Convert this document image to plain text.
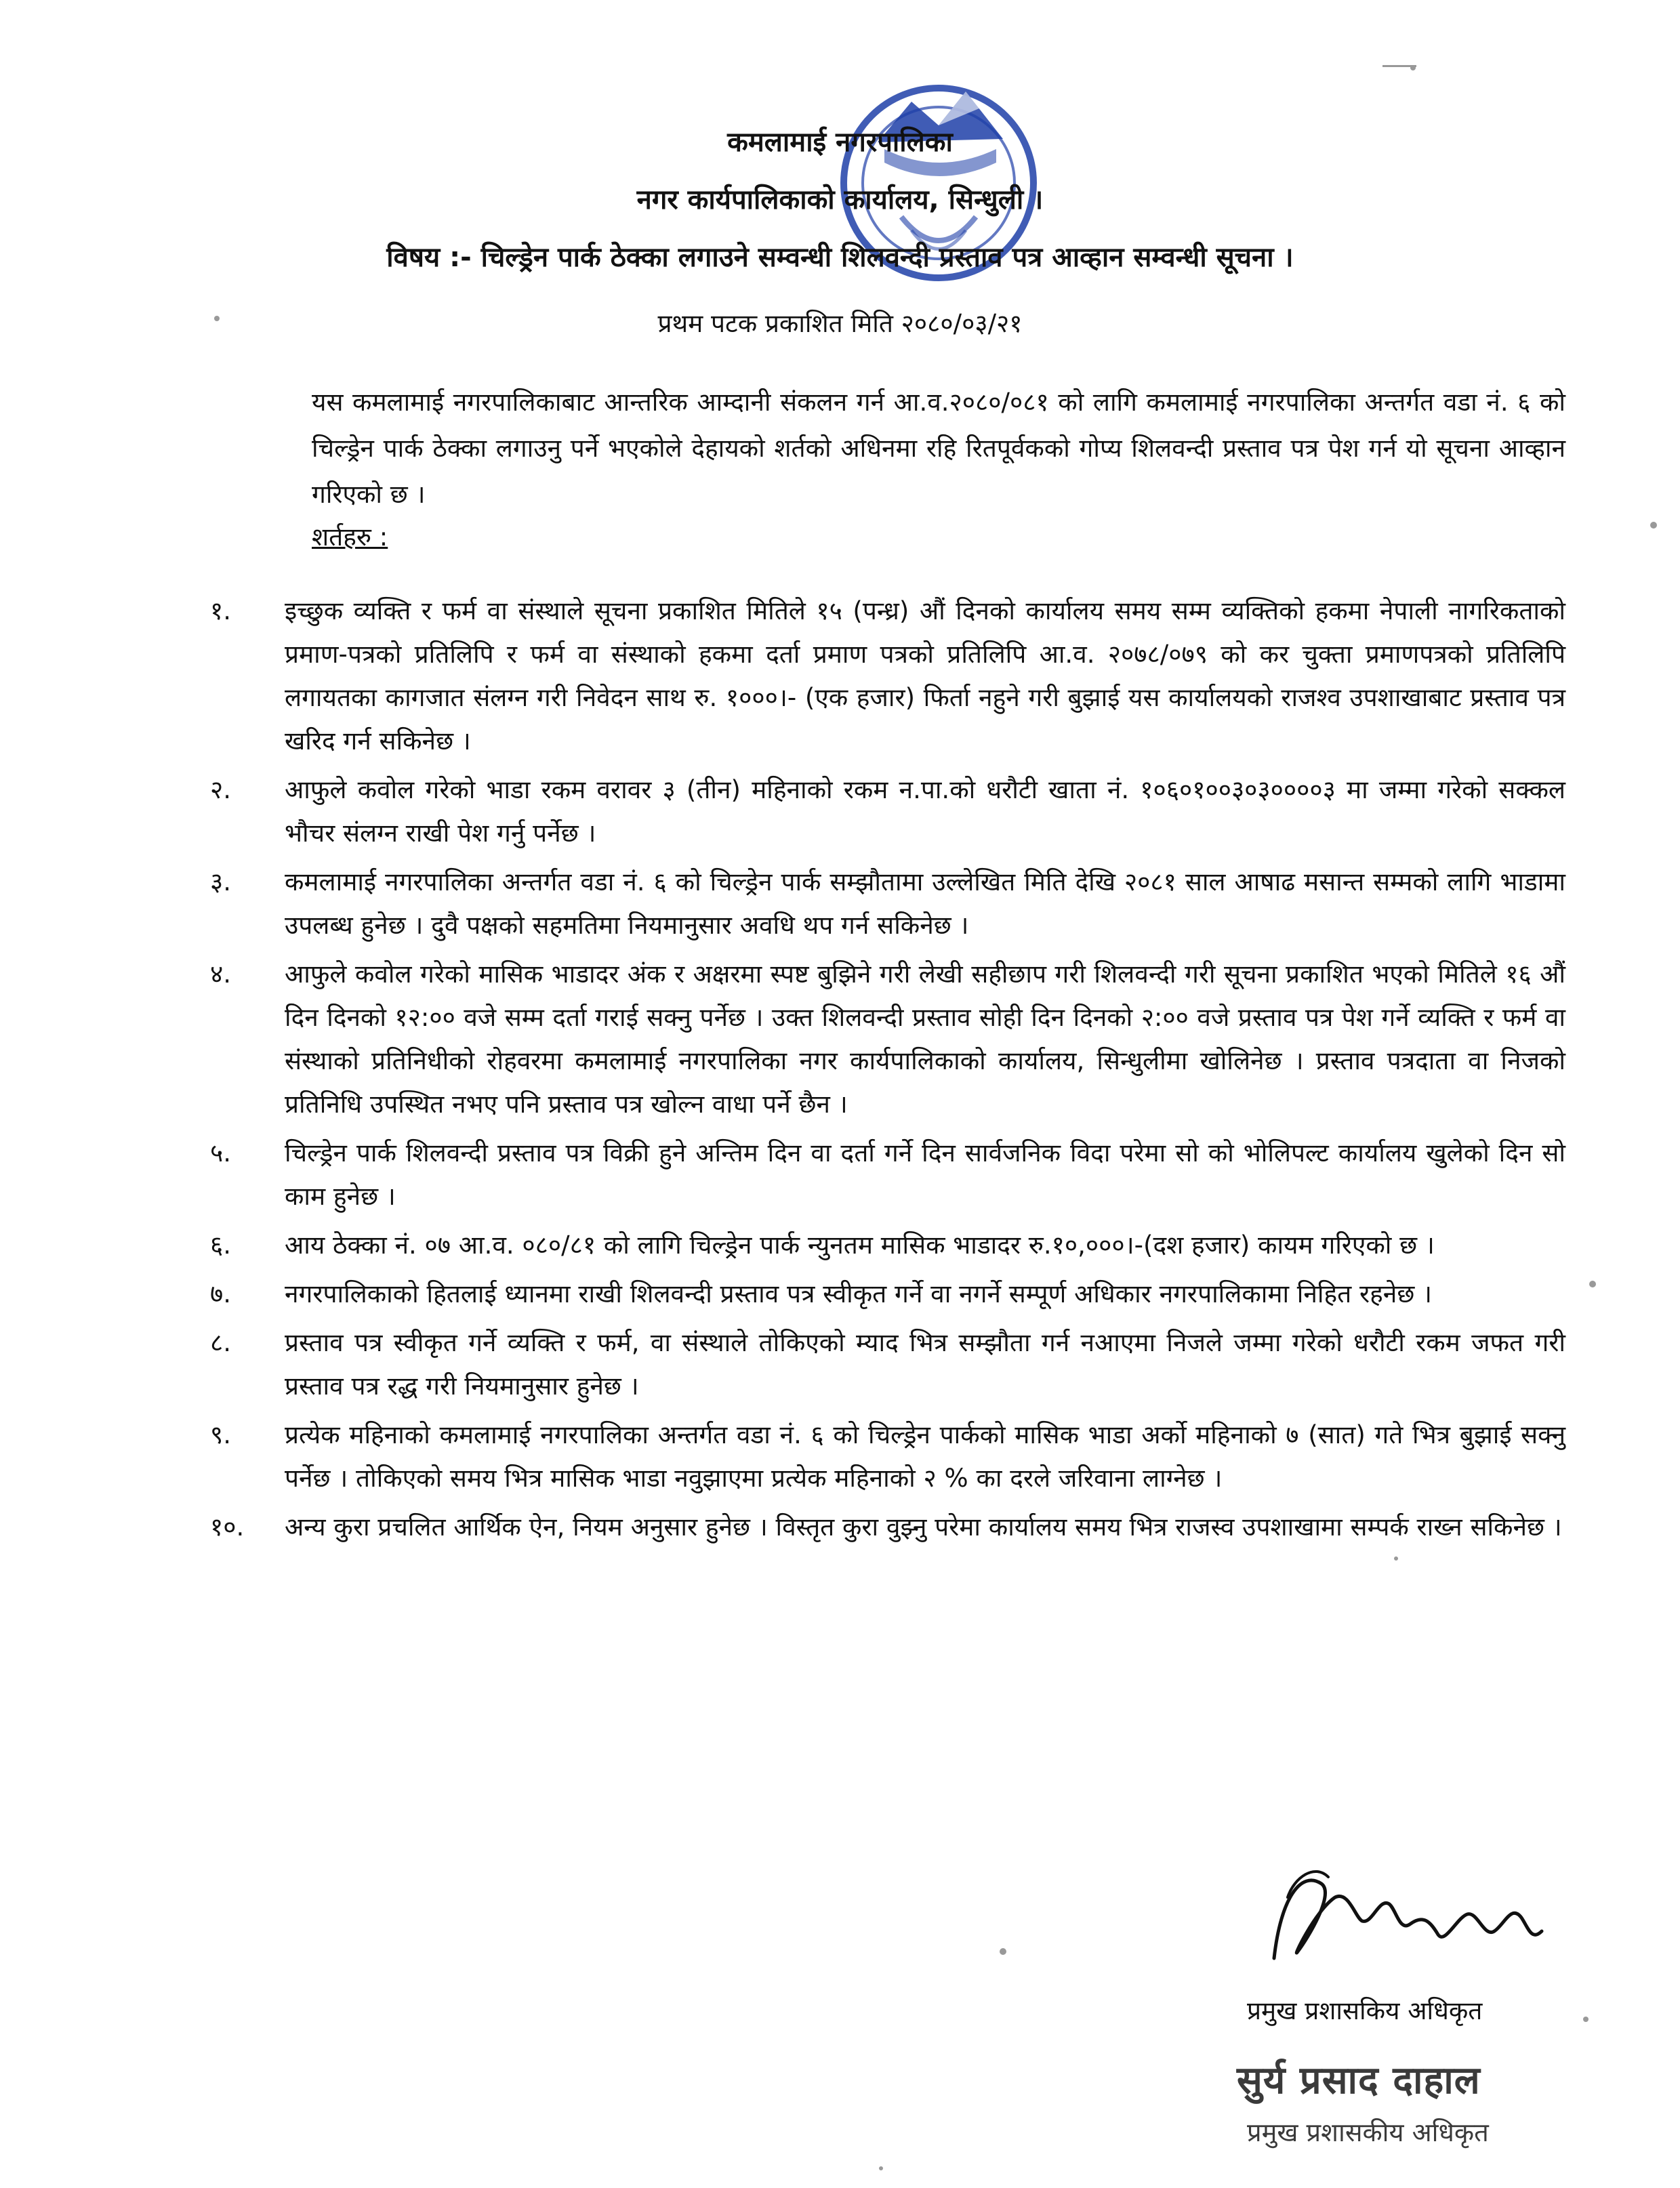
कमलामाई नगरपालिका
नगर कार्यपालिकाको कार्यालय, सिन्धुली ।
विषय :- चिल्ड्रेन पार्क ठेक्का लगाउने सम्वन्धी शिलवन्दी प्रस्ताव पत्र आव्हान सम्वन्धी सूचना ।
प्रथम पटक प्रकाशित मिति २०८०/०३/२१

यस कमलामाई नगरपालिकाबाट आन्तरिक आम्दानी संकलन गर्न आ.व.२०८०/०८१ को लागि कमलामाई नगरपालिका अन्तर्गत वडा नं. ६ को चिल्ड्रेन पार्क ठेक्का लगाउनु पर्ने भएकोले देहायको शर्तको अधिनमा रहि रितपूर्वकको गोप्य शिलवन्दी प्रस्ताव पत्र पेश गर्न यो सूचना आव्हान गरिएको छ ।

शर्तहरु :

१.	इच्छुक व्यक्ति र फर्म वा संस्थाले सूचना प्रकाशित मितिले १५ (पन्ध्र) औं दिनको कार्यालय समय सम्म व्यक्तिको हकमा नेपाली नागरिकताको प्रमाण-पत्रको प्रतिलिपि र फर्म वा संस्थाको हकमा दर्ता प्रमाण पत्रको प्रतिलिपि आ.व. २०७८/०७९ को कर चुक्ता प्रमाणपत्रको प्रतिलिपि लगायतका कागजात संलग्न गरी निवेदन साथ रु. १०००।- (एक हजार) फिर्ता नहुने गरी बुझाई यस कार्यालयको राजश्व उपशाखाबाट प्रस्ताव पत्र खरिद गर्न सकिनेछ ।

२.	आफुले कवोल गरेको भाडा रकम वरावर ३ (तीन) महिनाको रकम न.पा.को धरौटी खाता नं. १०६०१००३०३००००३ मा जम्मा गरेको सक्कल भौचर संलग्न राखी पेश गर्नु पर्नेछ ।

३.	कमलामाई नगरपालिका अन्तर्गत वडा नं. ६ को चिल्ड्रेन पार्क सम्झौतामा उल्लेखित मिति देखि २०८१ साल आषाढ मसान्त सम्मको लागि भाडामा उपलब्ध हुनेछ । दुवै पक्षको सहमतिमा नियमानुसार अवधि थप गर्न सकिनेछ ।

४.	आफुले कवोल गरेको मासिक भाडादर अंक र अक्षरमा स्पष्ट बुझिने गरी लेखी सहीछाप गरी शिलवन्दी गरी सूचना प्रकाशित भएको मितिले १६ औं दिन दिनको १२:०० वजे सम्म दर्ता गराई सक्नु पर्नेछ । उक्त शिलवन्दी प्रस्ताव सोही दिन दिनको २:०० वजे प्रस्ताव पत्र पेश गर्ने व्यक्ति र फर्म वा संस्थाको प्रतिनिधीको रोहवरमा कमलामाई नगरपालिका नगर कार्यपालिकाको कार्यालय, सिन्धुलीमा खोलिनेछ । प्रस्ताव पत्रदाता वा निजको प्रतिनिधि उपस्थित नभए पनि प्रस्ताव पत्र खोल्न वाधा पर्ने छैन ।

५.	चिल्ड्रेन पार्क शिलवन्दी प्रस्ताव पत्र विक्री हुने अन्तिम दिन वा दर्ता गर्ने दिन सार्वजनिक विदा परेमा सो को भोलिपल्ट कार्यालय खुलेको दिन सो काम हुनेछ ।

६.	आय ठेक्का नं. ०७ आ.व. ०८०/८१ को लागि चिल्ड्रेन पार्क न्युनतम मासिक भाडादर रु.१०,०००।-(दश हजार) कायम गरिएको छ ।

७.	नगरपालिकाको हितलाई ध्यानमा राखी शिलवन्दी प्रस्ताव पत्र स्वीकृत गर्ने वा नगर्ने सम्पूर्ण अधिकार नगरपालिकामा निहित रहनेछ ।

८.	प्रस्ताव पत्र स्वीकृत गर्ने व्यक्ति र फर्म, वा संस्थाले तोकिएको म्याद भित्र सम्झौता गर्न नआएमा निजले जम्मा गरेको धरौटी रकम जफत गरी प्रस्ताव पत्र रद्ध गरी नियमानुसार हुनेछ ।

९.	प्रत्येक महिनाको कमलामाई नगरपालिका अन्तर्गत वडा नं. ६ को चिल्ड्रेन पार्कको मासिक भाडा अर्को महिनाको ७ (सात) गते भित्र बुझाई सक्नु पर्नेछ । तोकिएको समय भित्र मासिक भाडा नवुझाएमा प्रत्येक महिनाको २ % का दरले जरिवाना लाग्नेछ ।

१०.	अन्य कुरा प्रचलित आर्थिक ऐन, नियम अनुसार हुनेछ । विस्तृत कुरा वुझ्नु परेमा कार्यालय समय भित्र राजस्व उपशाखामा सम्पर्क राख्न सकिनेछ ।

प्रमुख प्रशासकिय अधिकृत
सुर्य प्रसाद दाहाल
प्रमुख प्रशासकीय अधिकृत
